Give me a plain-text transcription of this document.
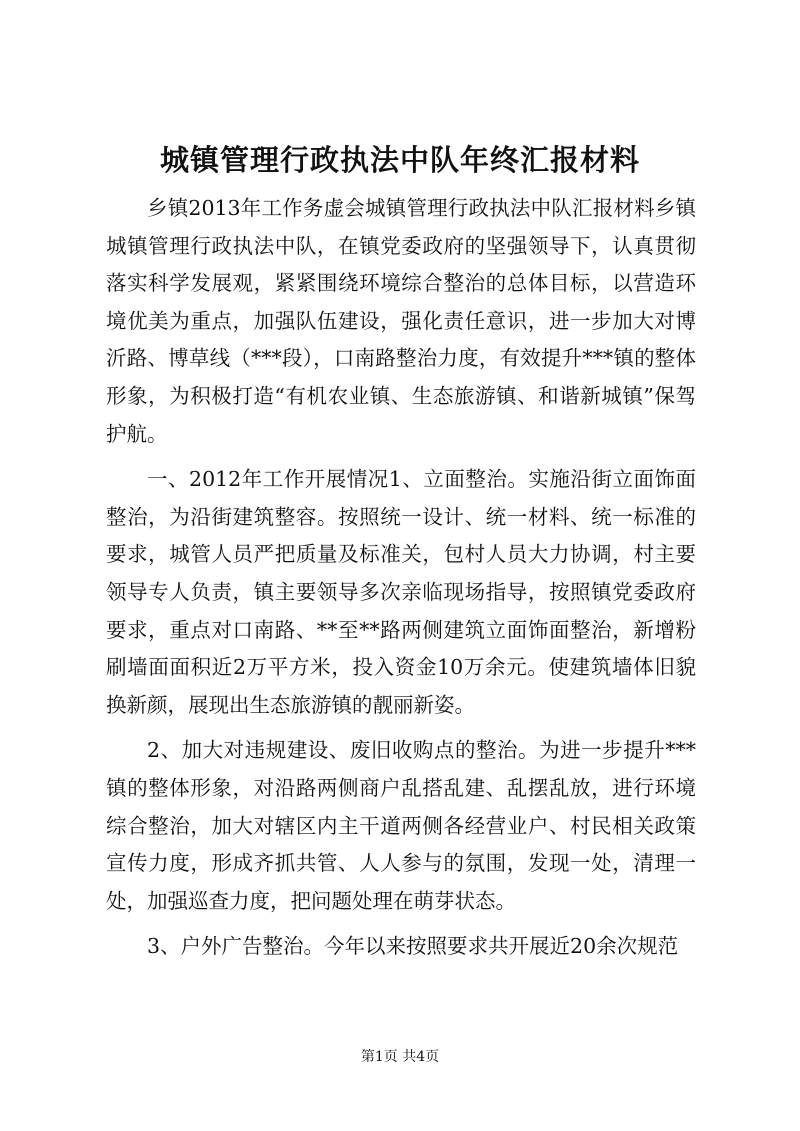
城镇管理行政执法中队年终汇报材料

乡镇2013年工作务虚会城镇管理行政执法中队汇报材料乡镇城镇管理行政执法中队，在镇党委政府的坚强领导下，认真贯彻落实科学发展观，紧紧围绕环境综合整治的总体目标，以营造环境优美为重点，加强队伍建设，强化责任意识，进一步加大对博沂路、博草线（***段），口南路整治力度，有效提升***镇的整体形象，为积极打造“有机农业镇、生态旅游镇、和谐新城镇”保驾护航。

一、2012年工作开展情况1、立面整治。实施沿街立面饰面整治，为沿街建筑整容。按照统一设计、统一材料、统一标准的要求，城管人员严把质量及标准关，包村人员大力协调，村主要领导专人负责，镇主要领导多次亲临现场指导，按照镇党委政府要求，重点对口南路、**至**路两侧建筑立面饰面整治，新增粉刷墙面面积近2万平方米，投入资金10万余元。使建筑墙体旧貌换新颜，展现出生态旅游镇的靓丽新姿。

2、加大对违规建设、废旧收购点的整治。为进一步提升***镇的整体形象，对沿路两侧商户乱搭乱建、乱摆乱放，进行环境综合整治，加大对辖区内主干道两侧各经营业户、村民相关政策宣传力度，形成齐抓共管、人人参与的氛围，发现一处，清理一处，加强巡查力度，把问题处理在萌芽状态。

3、户外广告整治。今年以来按照要求共开展近20余次规范

第1页 共4页
